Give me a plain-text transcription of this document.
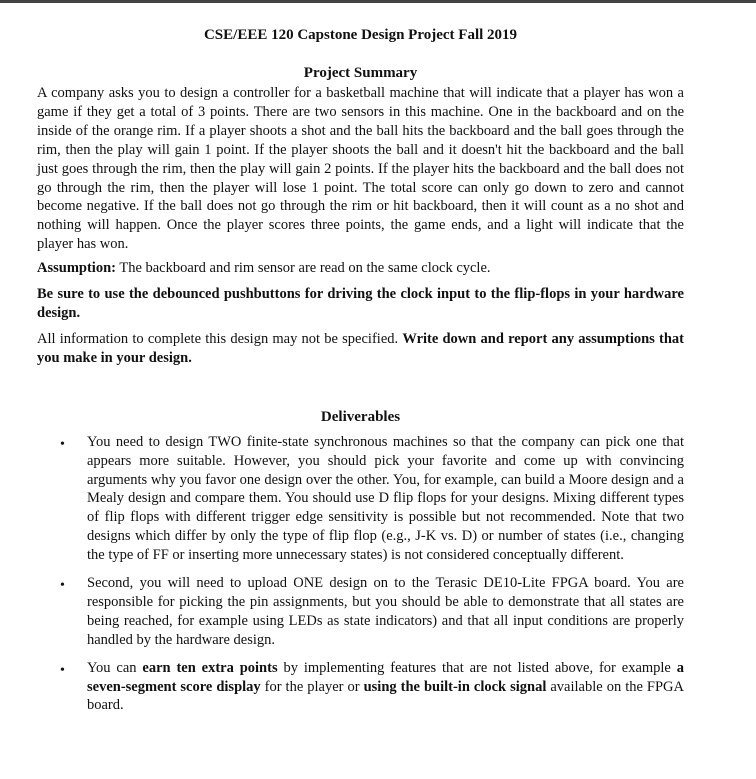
CSE/EEE 120 Capstone Design Project Fall 2019
Project Summary

A company asks you to design a controller for a basketball machine that will indicate that a player has won a game if they get a total of 3 points. There are two sensors in this machine. One in the backboard and on the inside of the orange rim. If a player shoots a shot and the ball hits the backboard and the ball goes through the rim, then the play will gain 1 point. If the player shoots the ball and it doesn't hit the backboard and the ball just goes through the rim, then the play will gain 2 points. If the player hits the backboard and the ball does not go through the rim, then the player will lose 1 point. The total score can only go down to zero and cannot become negative. If the ball does not go through the rim or hit backboard, then it will count as a no shot and nothing will happen. Once the player scores three points, the game ends, and a light will indicate that the player has won.

Assumption: The backboard and rim sensor are read on the same clock cycle.

Be sure to use the debounced pushbuttons for driving the clock input to the flip-flops in your hardware design.

All information to complete this design may not be specified. Write down and report any assumptions that you make in your design.

Deliverables
• You need to design TWO finite-state synchronous machines so that the company can pick one that appears more suitable. However, you should pick your favorite and come up with convincing arguments why you favor one design over the other. You, for example, can build a Moore design and a Mealy design and compare them. You should use D flip flops for your designs. Mixing different types of flip flops with different trigger edge sensitivity is possible but not recommended. Note that two designs which differ by only the type of flip flop (e.g., J-K vs. D) or number of states (i.e., changing the type of FF or inserting more unnecessary states) is not considered conceptually different.

• Second, you will need to upload ONE design on to the Terasic DE10-Lite FPGA board. You are responsible for picking the pin assignments, but you should be able to demonstrate that all states are being reached, for example using LEDs as state indicators) and that all input conditions are properly handled by the hardware design.

• You can earn ten extra points by implementing features that are not listed above, for example a seven-segment score display for the player or using the built-in clock signal available on the FPGA board.
